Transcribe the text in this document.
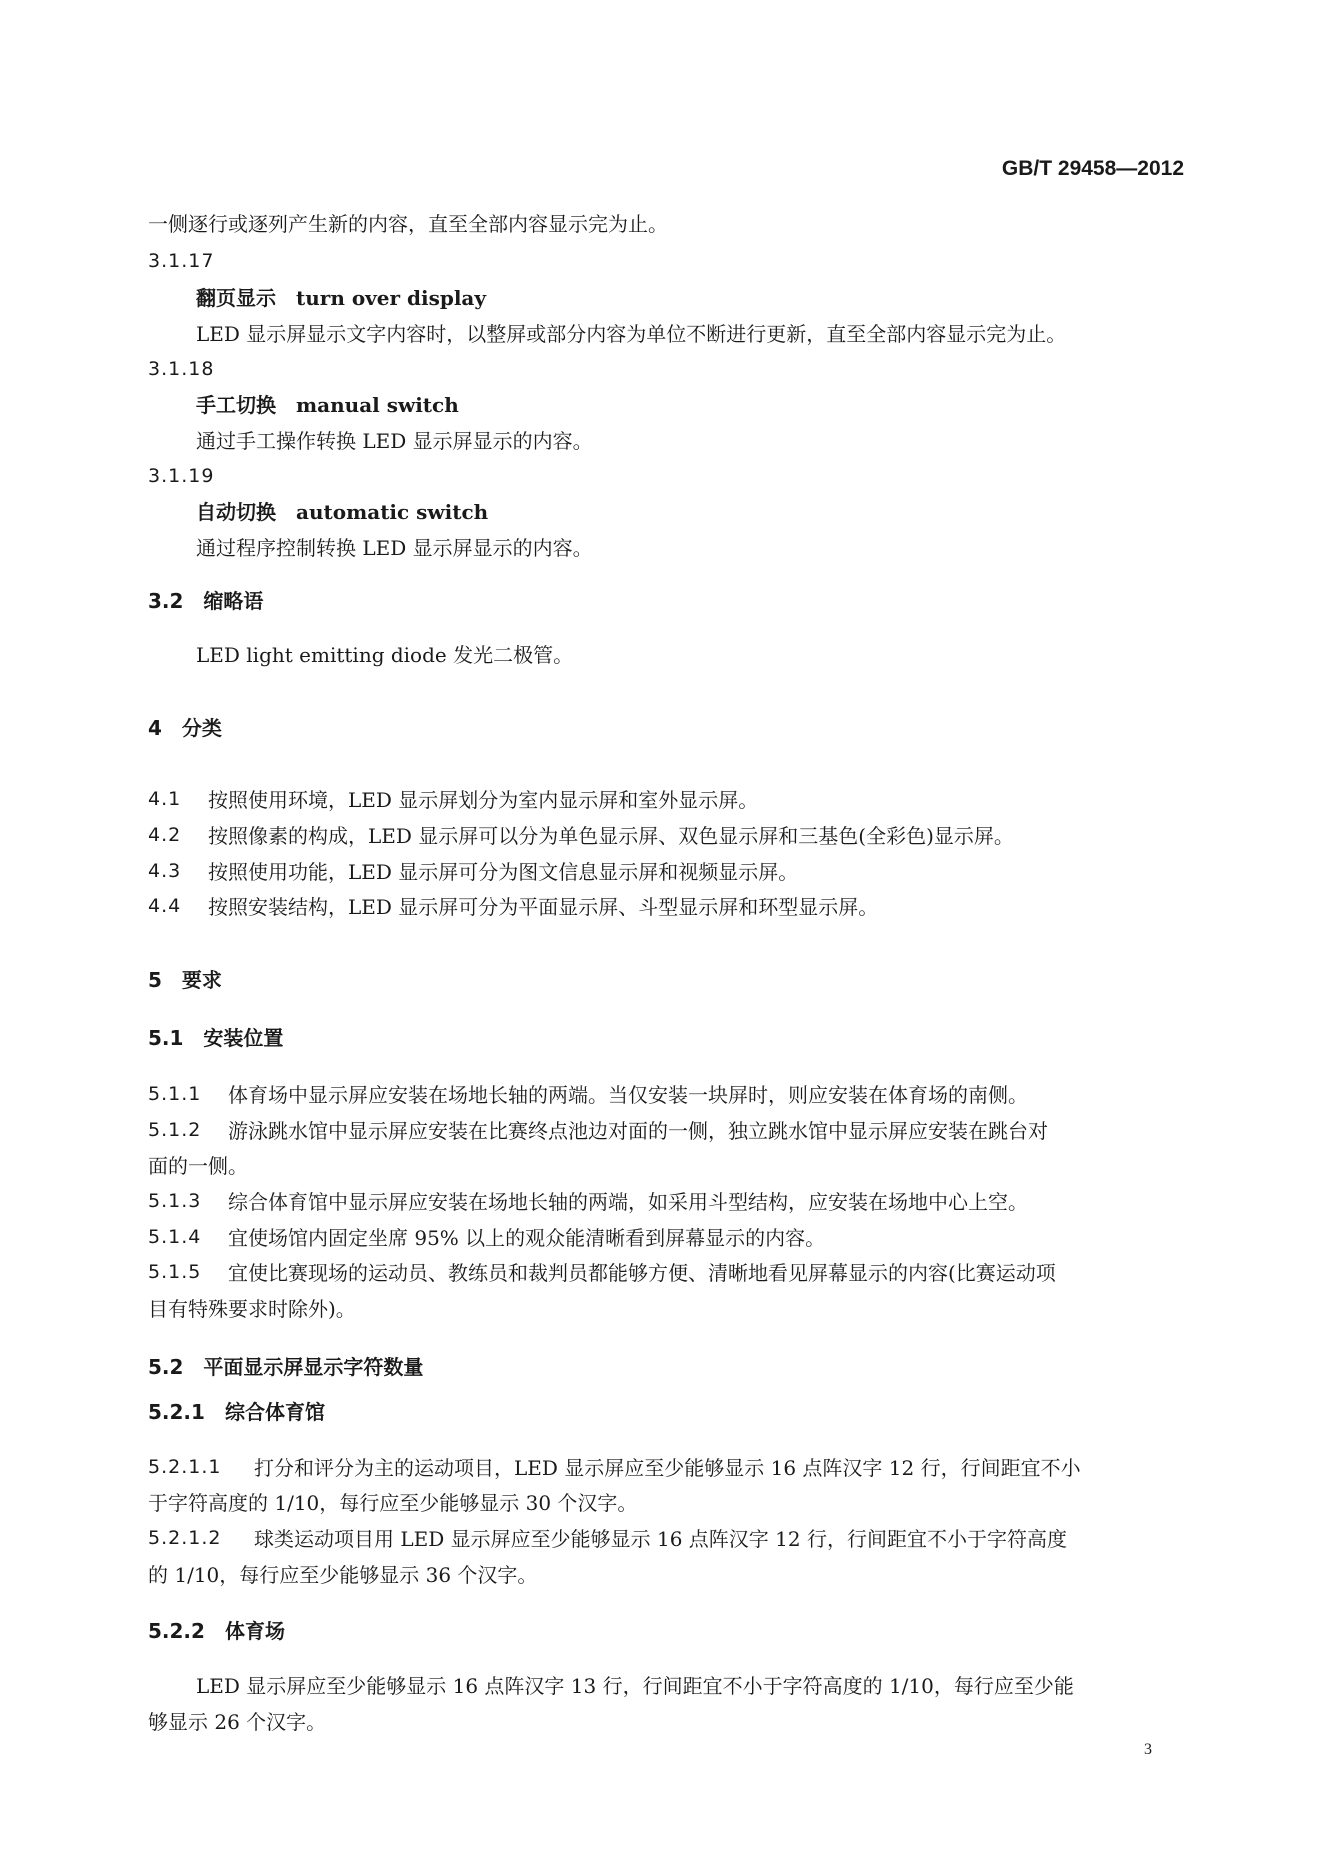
GB/T 29458—2012
一侧逐行或逐列产生新的内容，直至全部内容显示完为止。
3.1.17
翻页显示　turn over display
LED 显示屏显示文字内容时，以整屏或部分内容为单位不断进行更新，直至全部内容显示完为止。
3.1.18
手工切换　manual switch
通过手工操作转换 LED 显示屏显示的内容。
3.1.19
自动切换　automatic switch
通过程序控制转换 LED 显示屏显示的内容。
3.2　缩略语
LED light emitting diode 发光二极管。
4　分类
4.1 按照使用环境，LED 显示屏划分为室内显示屏和室外显示屏。
4.2 按照像素的构成，LED 显示屏可以分为单色显示屏、双色显示屏和三基色(全彩色)显示屏。
4.3 按照使用功能，LED 显示屏可分为图文信息显示屏和视频显示屏。
4.4 按照安装结构，LED 显示屏可分为平面显示屏、斗型显示屏和环型显示屏。
5　要求
5.1　安装位置
5.1.1 体育场中显示屏应安装在场地长轴的两端。当仅安装一块屏时，则应安装在体育场的南侧。
5.1.2 游泳跳水馆中显示屏应安装在比赛终点池边对面的一侧，独立跳水馆中显示屏应安装在跳台对
面的一侧。
5.1.3 综合体育馆中显示屏应安装在场地长轴的两端，如采用斗型结构，应安装在场地中心上空。
5.1.4 宜使场馆内固定坐席 95% 以上的观众能清晰看到屏幕显示的内容。
5.1.5 宜使比赛现场的运动员、教练员和裁判员都能够方便、清晰地看见屏幕显示的内容(比赛运动项
目有特殊要求时除外)。
5.2　平面显示屏显示字符数量
5.2.1　综合体育馆
5.2.1.1 打分和评分为主的运动项目，LED 显示屏应至少能够显示 16 点阵汉字 12 行，行间距宜不小
于字符高度的 1/10，每行应至少能够显示 30 个汉字。
5.2.1.2 球类运动项目用 LED 显示屏应至少能够显示 16 点阵汉字 12 行，行间距宜不小于字符高度
的 1/10，每行应至少能够显示 36 个汉字。
5.2.2　体育场
LED 显示屏应至少能够显示 16 点阵汉字 13 行，行间距宜不小于字符高度的 1/10，每行应至少能
够显示 26 个汉字。
3
